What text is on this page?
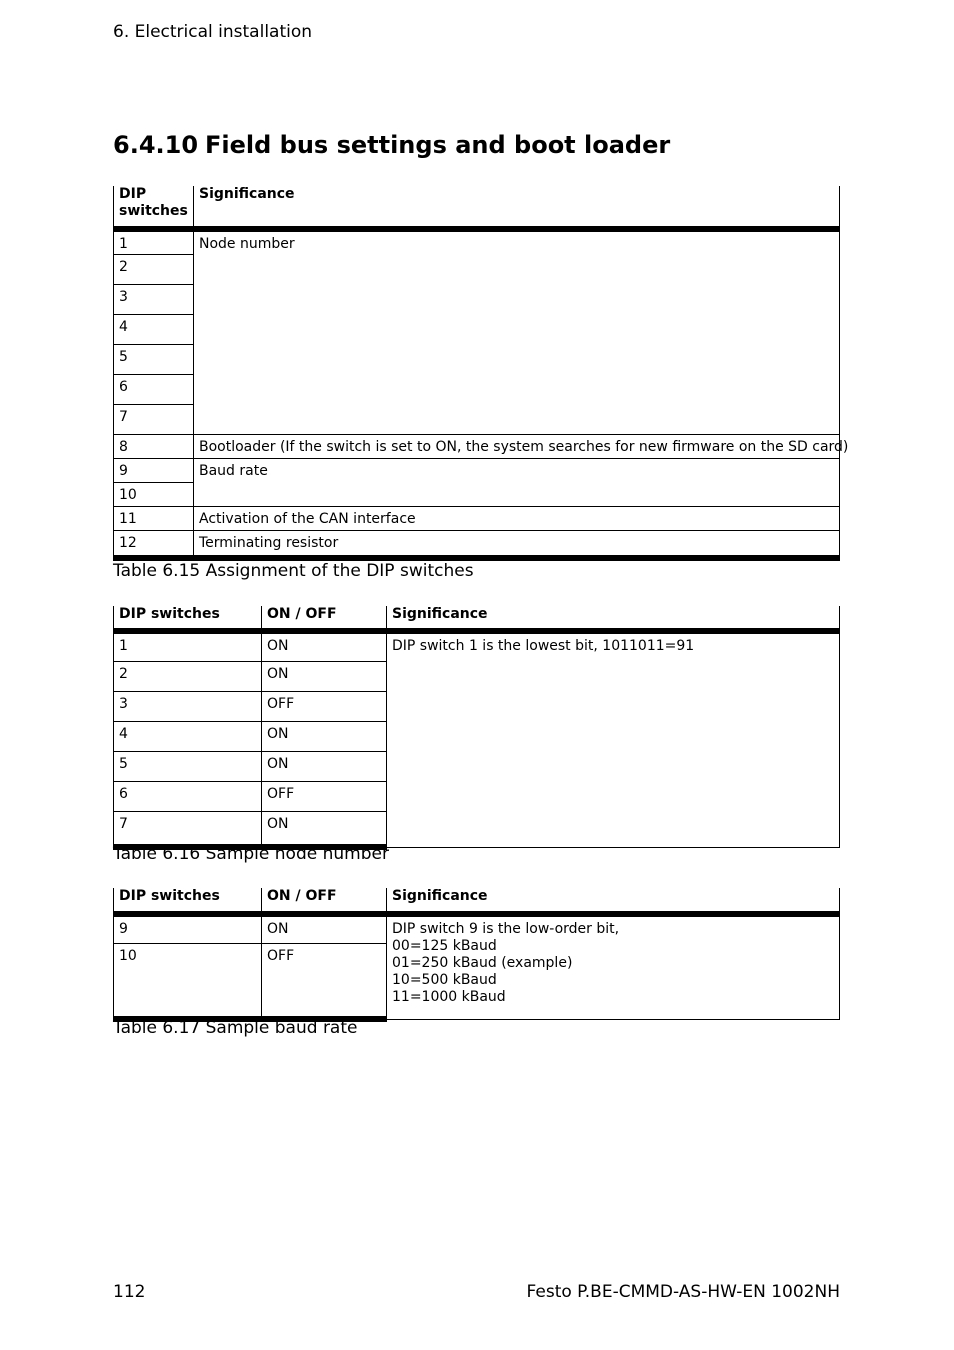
6. Electrical installation
6.4.10 Field bus settings and boot loader
DIP
switches	Significance
1	Node number
2	
3	
4	
5	
6	
7	
8	Bootloader (If the switch is set to ON, the system searches for new firmware on the SD card)
9	Baud rate
10	
11	Activation of the CAN interface
12	Terminating resistor
Table 6.15 Assignment of the DIP switches
DIP switches	ON / OFF	Significance
1	ON	DIP switch 1 is the lowest bit, 1011011=91
2	ON	
3	OFF	
4	ON	
5	ON	
6	OFF	
7	ON	
Table 6.16 Sample node number
DIP switches	ON / OFF	Significance
9	ON	DIP switch 9 is the low-order bit,
00=125 kBaud
01=250 kBaud (example)
10=500 kBaud
11=1000 kBaud

10	OFF	
Table 6.17 Sample baud rate
112	Festo P.BE-CMMD-AS-HW-EN 1002NH
